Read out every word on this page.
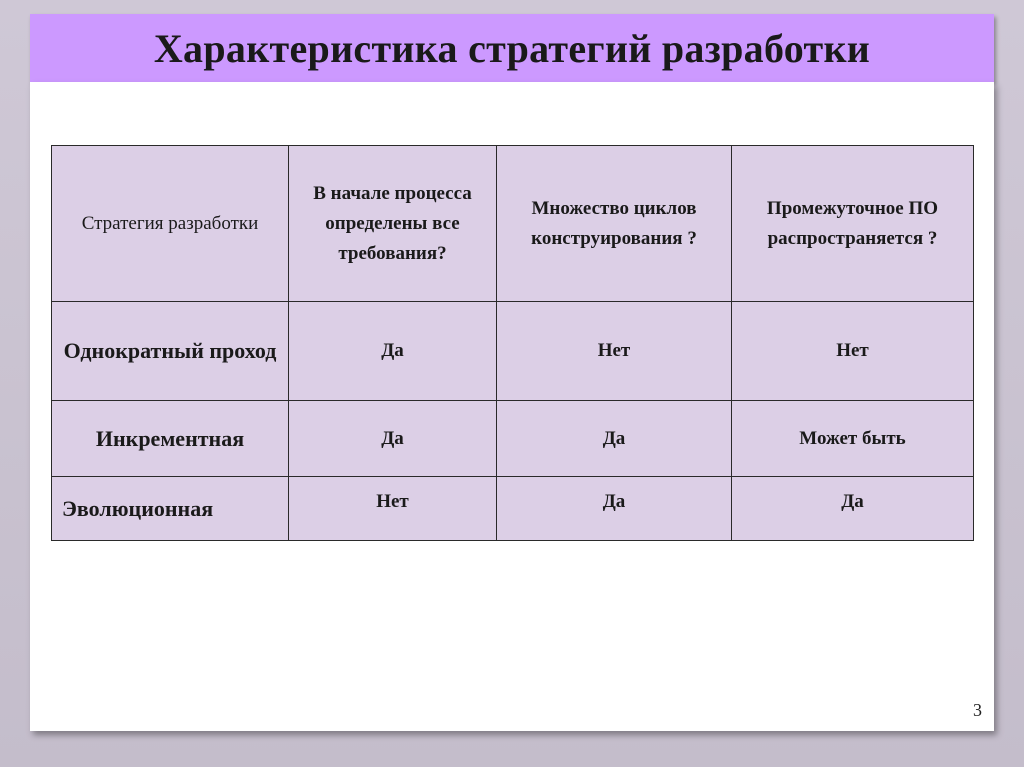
Характеристика стратегий разработки
Стратегия разработки	В начале процесса определены все требования?	Множество циклов конструирования ?	Промежуточное ПО распространяется ?
Однократный проход	Да	Нет	Нет
Инкрементная	Да	Да	Может быть
Эволюционная	Нет	Да	Да
3
